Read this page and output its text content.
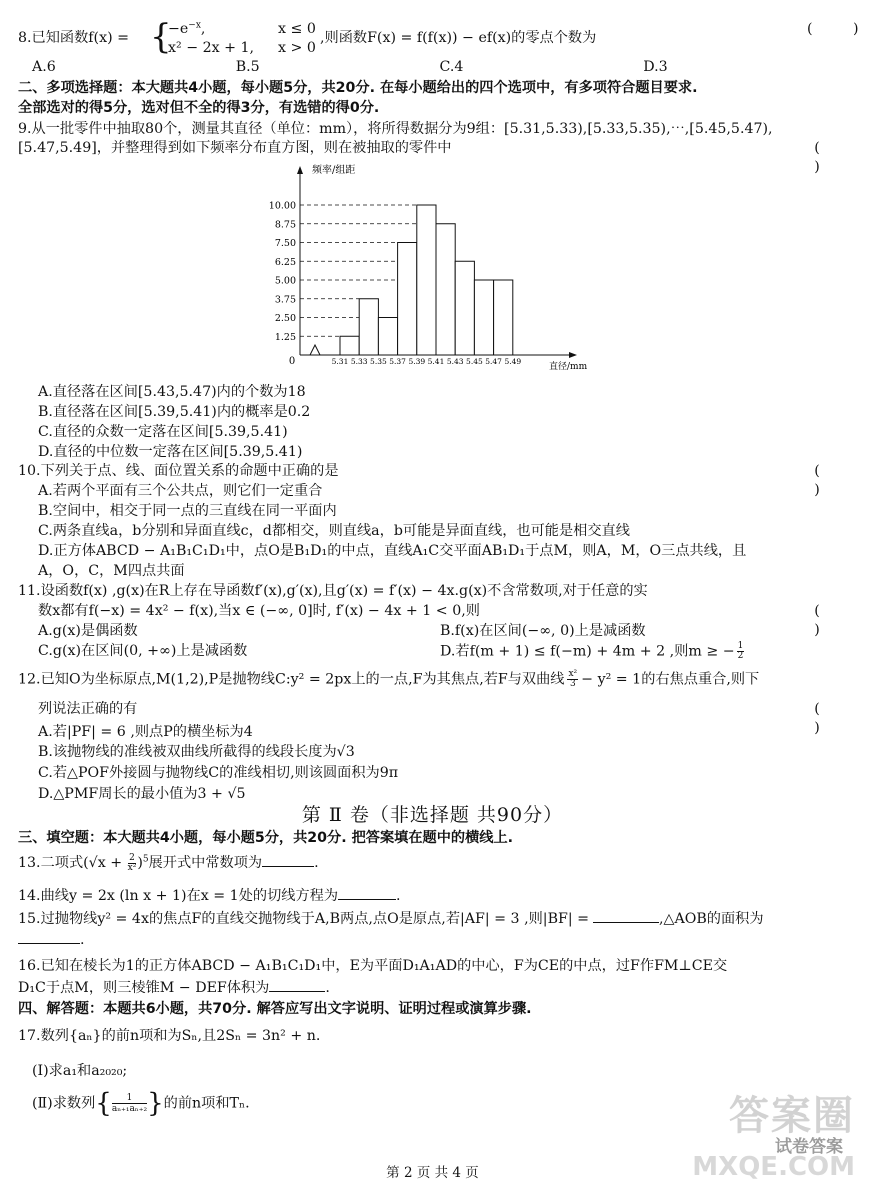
8.已知函数f(x) = {
$-e^{-x}$,	x ≤ 0
x² − 2x + 1, x > 0
,则函数F(x) = f(f(x)) − ef(x)的零点个数为
( )
A.6	B.5	C.4	D.3
二、多项选择题：本大题共4小题，每小题5分，共20分. 在每小题给出的四个选项中，有多项符合题目要求.
全部选对的得5分，选对但不全的得3分，有选错的得0分.
9.从一批零件中抽取80个，测量其直径（单位：mm），将所得数据分为9组：[5.31,5.33),[5.33,5.35),⋯,[5.45,5.47),
[5.47,5.49]，并整理得到如下频率分布直方图，则在被抽取的零件中	( )
1.25
2.50
3.75
5.00
6.25
7.50
8.75
10.00
5.31 5.33 5.35 5.37 5.39 5.41 5.43 5.45 5.47 5.49
频率/组距
直径/mm
0
A.直径落在区间[5.43,5.47)内的个数为18
B.直径落在区间[5.39,5.41)内的概率是0.2
C.直径的众数一定落在区间[5.39,5.41)
D.直径的中位数一定落在区间[5.39,5.41)
10.下列关于点、线、面位置关系的命题中正确的是	( )
A.若两个平面有三个公共点，则它们一定重合
B.空间中，相交于同一点的三直线在同一平面内
C.两条直线a，b分别和异面直线c，d都相交，则直线a，b可能是异面直线，也可能是相交直线
D.正方体ABCD − A₁B₁C₁D₁中，点O是B₁D₁的中点，直线A₁C交平面AB₁D₁于点M，则A，M，O三点共线，且
A，O，C，M四点共面
11.设函数f(x) ,g(x)在R上存在导函数f′(x),g′(x),且g′(x) = f′(x) − 4x.g(x)不含常数项,对于任意的实
数x都有f(−x) = 4x² − f(x),当x ∈ (−∞, 0]时, f′(x) − 4x + 1 < 0,则	( )
A.g(x)是偶函数	B.f(x)在区间(−∞, 0)上是减函数
C.g(x)在区间(0, +∞)上是减函数	D.若f(m + 1) ≤ f(−m) + 4m + 2 ,则m ≥ − $\frac{1}{2}$
12.已知O为坐标原点,M(1,2),P是抛物线C:y² = 2px上的一点,F为其焦点,若F与双曲线 $\frac{\text{x²}}{3} - y^2 = 1$的右焦点重合,则下
列说法正确的有	( )
A.若|PF| = 6 ,则点P的横坐标为4
B.该抛物线的准线被双曲线所截得的线段长度为√3
C.若△POF外接圆与抛物线C的准线相切,则该圆面积为9π
D.△PMF周长的最小值为3 + √5
第 Ⅱ 卷（非选择题 共90分）
三、填空题：本大题共4小题，每小题5分，共20分. 把答案填在题中的横线上.
13.二项式$(√x + \frac{2}{\text{x²}} )^5$展开式中常数项为	.
14.曲线y = 2x (ln x + 1)在x = 1处的切线方程为	.
15.过抛物线y² = 4x的焦点F的直线交抛物线于A,B两点,点O是原点,若|AF| = 3 ,则|BF| =	,△AOB的面积为
.
16.已知在棱长为1的正方体ABCD − A₁B₁C₁D₁中，E为平面D₁A₁AD的中心，F为CE的中点，过F作FM⊥CE交
D₁C于点M，则三棱锥M − DEF体积为	.
四、解答题：本题共6小题，共70分. 解答应写出文字说明、证明过程或演算步骤.
17.数列{aₙ}的前n项和为Sₙ,且2Sₙ = 3n² + n.
(Ⅰ)求a₁和a₂₀₂₀;
(Ⅱ)求数列{ $\frac{1}{\text{aₙ₊₁aₙ₊₂}}$ }的前n项和Tₙ.	答案圈
试卷答案
MXQE.COM
第 2 页 共 4 页
